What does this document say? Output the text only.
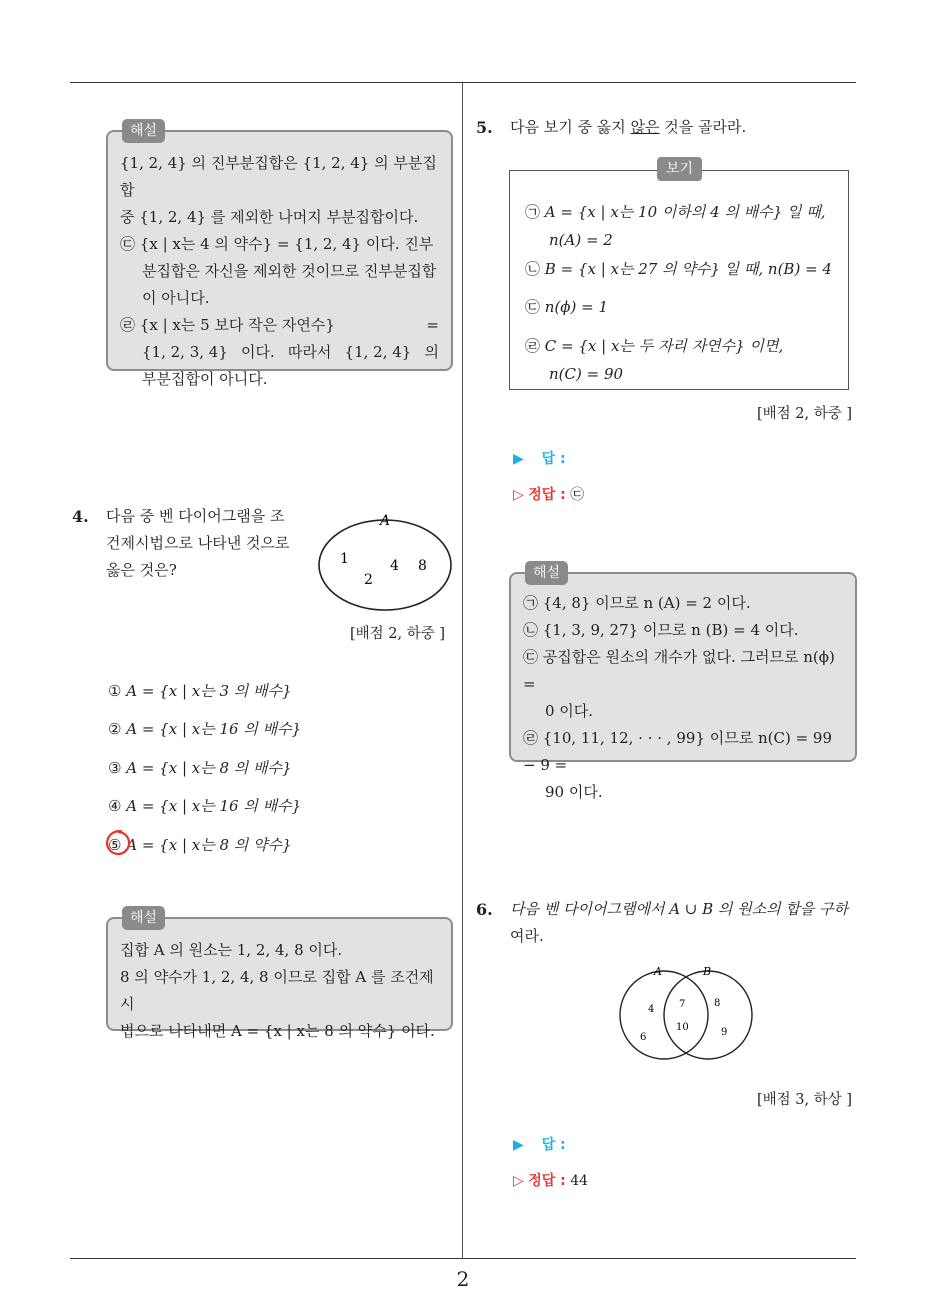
해설

{1, 2, 4} 의 진부분집합은 {1, 2, 4} 의 부분집합

중 {1, 2, 4} 를 제외한 나머지 부분집합이다.

㉢ {x | x는 4 의 약수} = {1, 2, 4} 이다. 진부

분집합은 자신을 제외한 것이므로 진부분집합

이 아니다.

㉣ {x | x는 5 보다 작은 자연수}	=

{1, 2, 3, 4} 이다. 따라서 {1, 2, 4} 의

부분집합이 아니다.

4. 다음 중 벤 다이어그램을 조
건제시법으로 나타낸 것으로
옳은 것은?
A
1
2
4 8
[배점 2, 하중 ]
① A = {x | x는 3 의 배수}
② A = {x | x는 16 의 배수}
③ A = {x | x는 8 의 배수}
④ A = {x | x는 16 의 배수}
⑤ A = {x | x는 8 의 약수}
해설

집합 A 의 원소는 1, 2, 4, 8 이다.

8 의 약수가 1, 2, 4, 8 이므로 집합 A 를 조건제시

법으로 나타내면 A = {x | x는 8 의 약수} 이다.

5. 다음 보기 중 옳지 않은 것을 골라라.
보기
㉠ A = {x | x는 10 이하의 4 의 배수} 일 때,
n(A) = 2
㉡ B = {x | x는 27 의 약수} 일 때, n(B) = 4
㉢ n(ϕ) = 1
㉣ C = {x | x는 두 자리 자연수} 이면,
n(C) = 90
[배점 2, 하중 ]
▶ 답 :
▷ 정답 : ㉢
해설

㉠ {4, 8} 이므로 n (A) = 2 이다.

㉡ {1, 3, 9, 27} 이므로 n (B) = 4 이다.

㉢ 공집합은 원소의 개수가 없다. 그러므로 n(ϕ) =

0 이다.

㉣ {10, 11, 12, · · · , 99} 이므로 n(C) = 99 − 9 =

90 이다.

6. 다음 벤 다이어그램에서 A ∪ B 의 원소의 합을 구하
여라.
A	B
4
6
7
10
8
9
[배점 3, 하상 ]
▶ 답 :
▷ 정답 : 44
2
